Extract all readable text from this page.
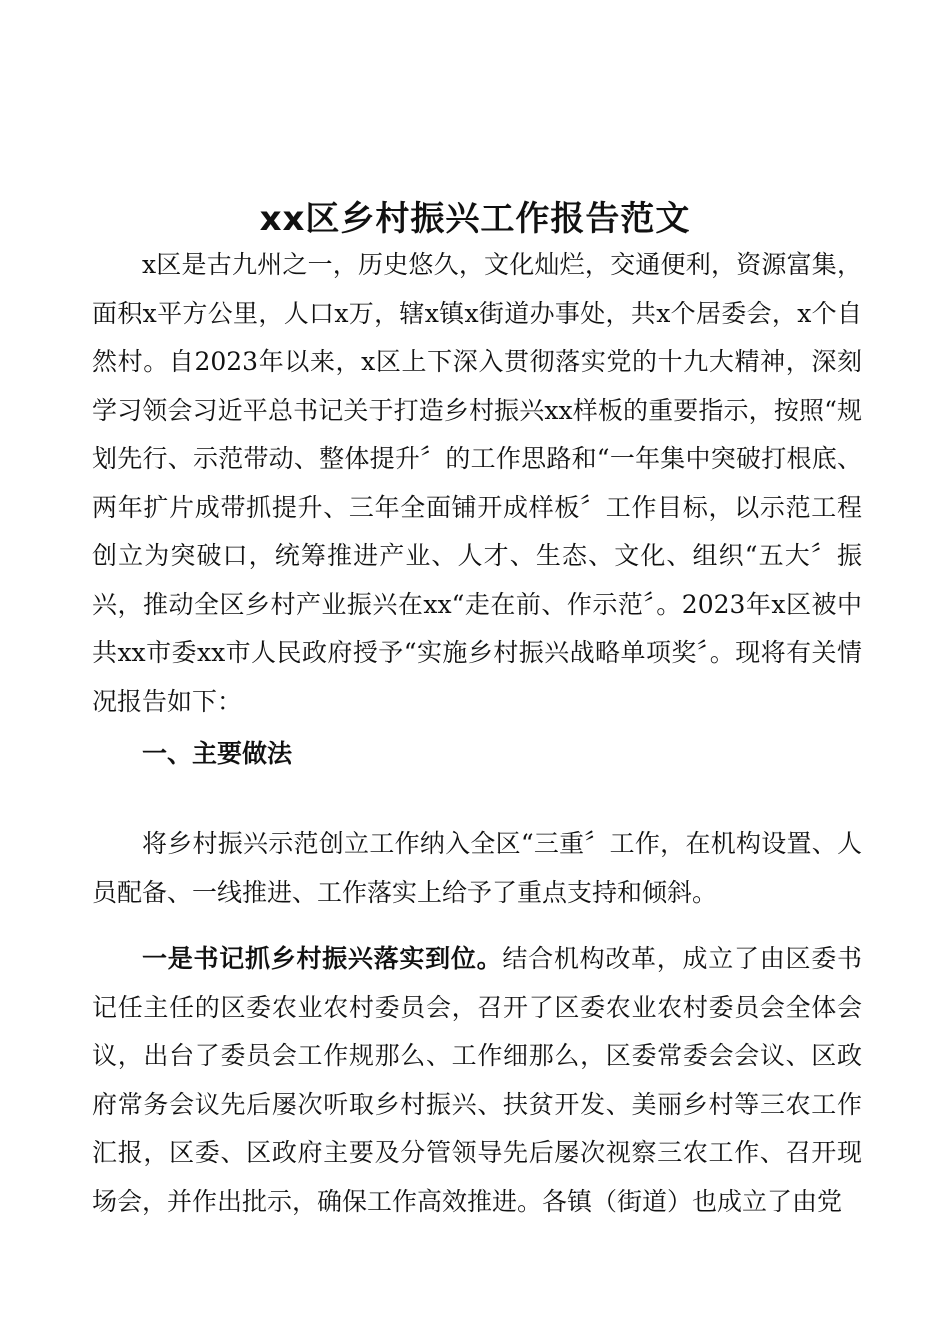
xx区乡村振兴工作报告范文

x区是古九州之一，历史悠久，文化灿烂，交通便利，资源富集，面积x平方公里，人口x万，辖x镇x街道办事处，共x个居委会，x个自然村。自2023年以来，x区上下深入贯彻落实党的十九大精神，深刻学习领会习近平总书记关于打造乡村振兴xx样板的重要指示，按照“规划先行、示范带动、整体提升〞的工作思路和“一年集中突破打根底、两年扩片成带抓提升、三年全面铺开成样板〞工作目标，以示范工程创立为突破口，统筹推进产业、人才、生态、文化、组织“五大〞振兴，推动全区乡村产业振兴在xx“走在前、作示范〞。2023年x区被中共xx市委xx市人民政府授予“实施乡村振兴战略单项奖〞。现将有关情况报告如下：

一、主要做法

将乡村振兴示范创立工作纳入全区“三重〞工作，在机构设置、人员配备、一线推进、工作落实上给予了重点支持和倾斜。

一是书记抓乡村振兴落实到位。结合机构改革，成立了由区委书记任主任的区委农业农村委员会，召开了区委农业农村委员会全体会议，出台了委员会工作规那么、工作细那么，区委常委会会议、区政府常务会议先后屡次听取乡村振兴、扶贫开发、美丽乡村等三农工作汇报，区委、区政府主要及分管领导先后屡次视察三农工作、召开现场会，并作出批示，确保工作高效推进。各镇（街道）也成立了由党
